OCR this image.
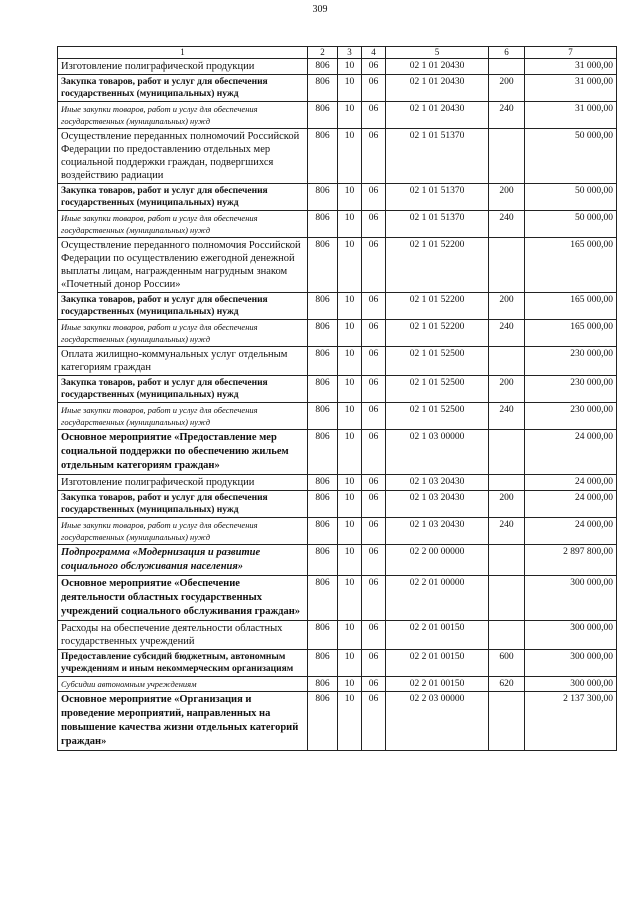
309
1	2	3	4	5	6	7
Изготовление полиграфической продукции	806	10	06	02 1 01 20430		31 000,00
Закупка товаров, работ и услуг для обеспечения государственных (муниципальных) нужд	806	10	06	02 1 01 20430	200	31 000,00
Иные закупки товаров, работ и услуг для обеспечения государственных (муниципальных) нужд	806	10	06	02 1 01 20430	240	31 000,00
Осуществление переданных полномочий Российской Федерации по предоставлению отдельных мер социальной поддержки граждан, подвергшихся воздействию радиации	806	10	06	02 1 01 51370		50 000,00
Закупка товаров, работ и услуг для обеспечения государственных (муниципальных) нужд	806	10	06	02 1 01 51370	200	50 000,00
Иные закупки товаров, работ и услуг для обеспечения государственных (муниципальных) нужд	806	10	06	02 1 01 51370	240	50 000,00
Осуществление переданного полномочия Российской Федерации по осуществлению ежегодной денежной выплаты лицам, награжденным нагрудным знаком «Почетный донор России»	806	10	06	02 1 01 52200		165 000,00
Закупка товаров, работ и услуг для обеспечения государственных (муниципальных) нужд	806	10	06	02 1 01 52200	200	165 000,00
Иные закупки товаров, работ и услуг для обеспечения государственных (муниципальных) нужд	806	10	06	02 1 01 52200	240	165 000,00
Оплата жилищно-коммунальных услуг отдельным категориям граждан	806	10	06	02 1 01 52500		230 000,00
Закупка товаров, работ и услуг для обеспечения государственных (муниципальных) нужд	806	10	06	02 1 01 52500	200	230 000,00
Иные закупки товаров, работ и услуг для обеспечения государственных (муниципальных) нужд	806	10	06	02 1 01 52500	240	230 000,00
Основное мероприятие «Предоставление мер социальной поддержки по обеспечению жильем отдельным категориям граждан»	806	10	06	02 1 03 00000		24 000,00
Изготовление полиграфической продукции	806	10	06	02 1 03 20430		24 000,00
Закупка товаров, работ и услуг для обеспечения государственных (муниципальных) нужд	806	10	06	02 1 03 20430	200	24 000,00
Иные закупки товаров, работ и услуг для обеспечения государственных (муниципальных) нужд	806	10	06	02 1 03 20430	240	24 000,00
Подпрограмма «Модернизация и развитие социального обслуживания населения»	806	10	06	02 2 00 00000		2 897 800,00
Основное мероприятие «Обеспечение деятельности областных государственных учреждений социального обслуживания граждан»	806	10	06	02 2 01 00000		300 000,00
Расходы на обеспечение деятельности областных государственных учреждений	806	10	06	02 2 01 00150		300 000,00
Предоставление субсидий бюджетным, автономным учреждениям и иным некоммерческим организациям	806	10	06	02 2 01 00150	600	300 000,00
Субсидии автономным учреждениям	806	10	06	02 2 01 00150	620	300 000,00
Основное мероприятие «Организация и проведение мероприятий, направленных на повышение качества жизни отдельных категорий граждан»	806	10	06	02 2 03 00000		2 137 300,00
